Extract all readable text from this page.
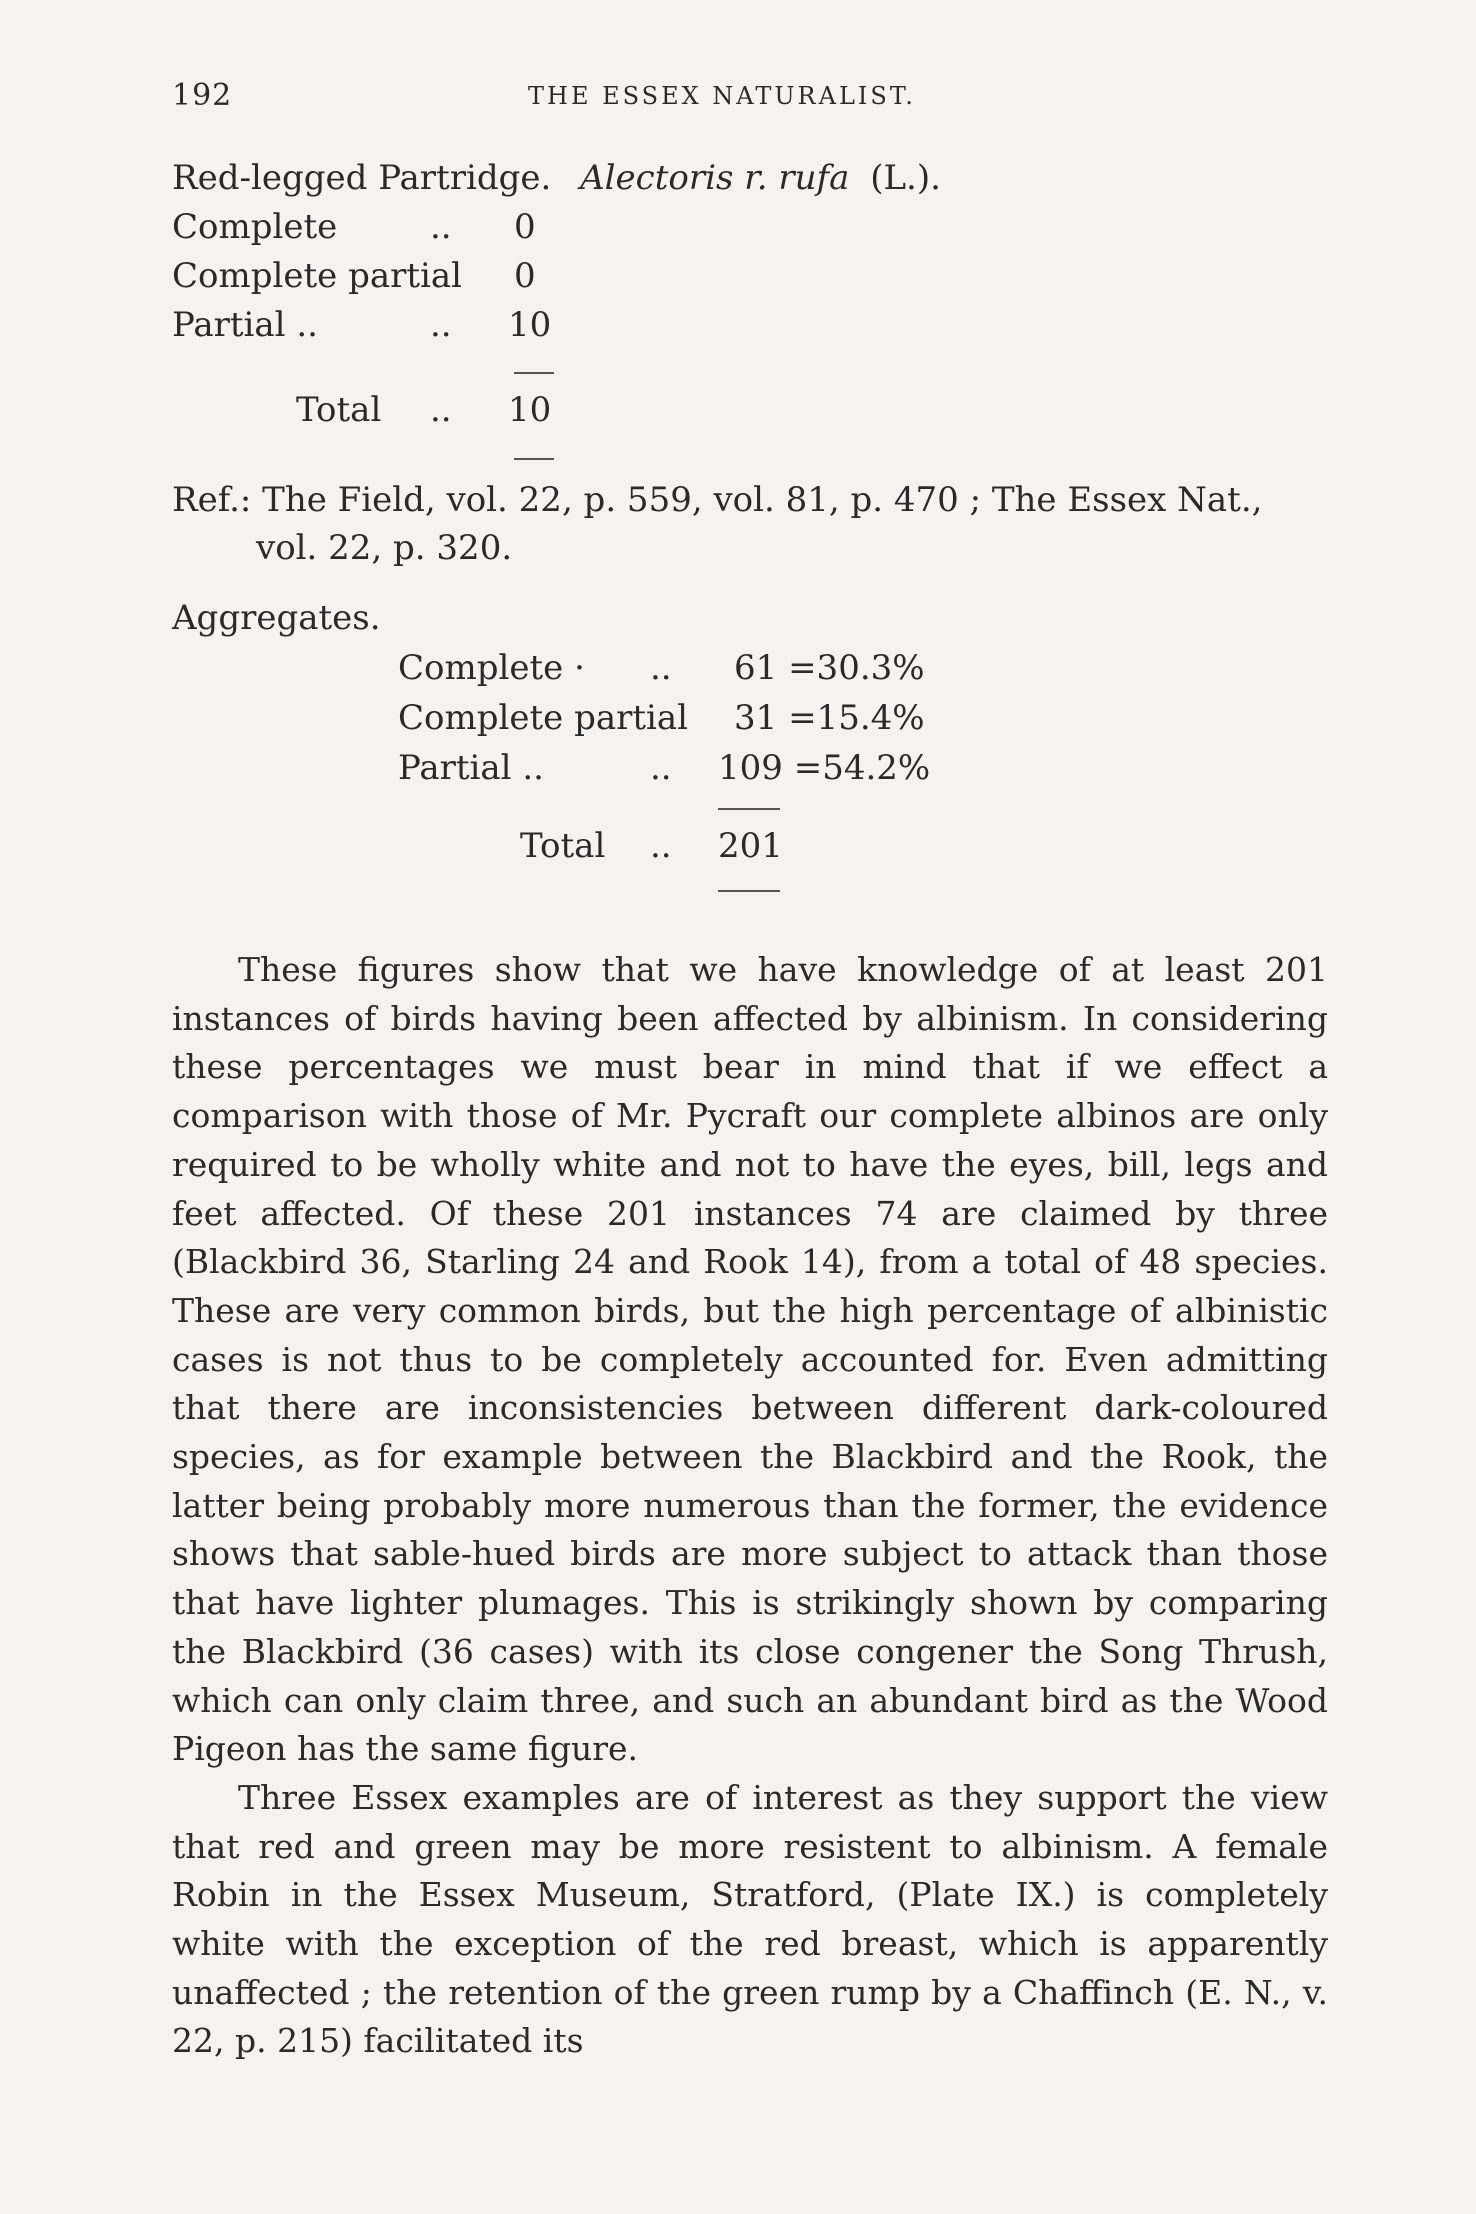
192	THE ESSEX NATURALIST.
Red-legged Partridge. Alectoris r. rufa (L.).
Complete	.. 0
Complete partial 0
Partial ..	.. 10
Total .. 10
Ref.: The Field, vol. 22, p. 559, vol. 81, p. 470 ; The Essex Nat.,
vol. 22, p. 320.
Aggregates.
Complete · .. 61 =30.3%
Complete partial 31 =15.4%
Partial ..	.. 109 =54.2%
Total .. 201

These figures show that we have knowledge of at least 201 instances of birds having been affected by albinism. In considering these percentages we must bear in mind that if we effect a comparison with those of Mr. Pycraft our complete albinos are only required to be wholly white and not to have the eyes, bill, legs and feet affected. Of these 201 instances 74 are claimed by three (Blackbird 36, Starling 24 and Rook 14), from a total of 48 species. These are very common birds, but the high percentage of albinistic cases is not thus to be completely accounted for. Even admitting that there are inconsistencies between different dark-coloured species, as for example between the Blackbird and the Rook, the latter being probably more numerous than the former, the evidence shows that sable-hued birds are more subject to attack than those that have lighter plumages. This is strikingly shown by comparing the Blackbird (36 cases) with its close congener the Song Thrush, which can only claim three, and such an abundant bird as the Wood Pigeon has the same figure.

Three Essex examples are of interest as they support the view that red and green may be more resistent to albinism. A female Robin in the Essex Museum, Stratford, (Plate IX.) is completely white with the exception of the red breast, which is apparently unaffected ; the retention of the green rump by a Chaffinch (E. N., v. 22, p. 215) facilitated its
